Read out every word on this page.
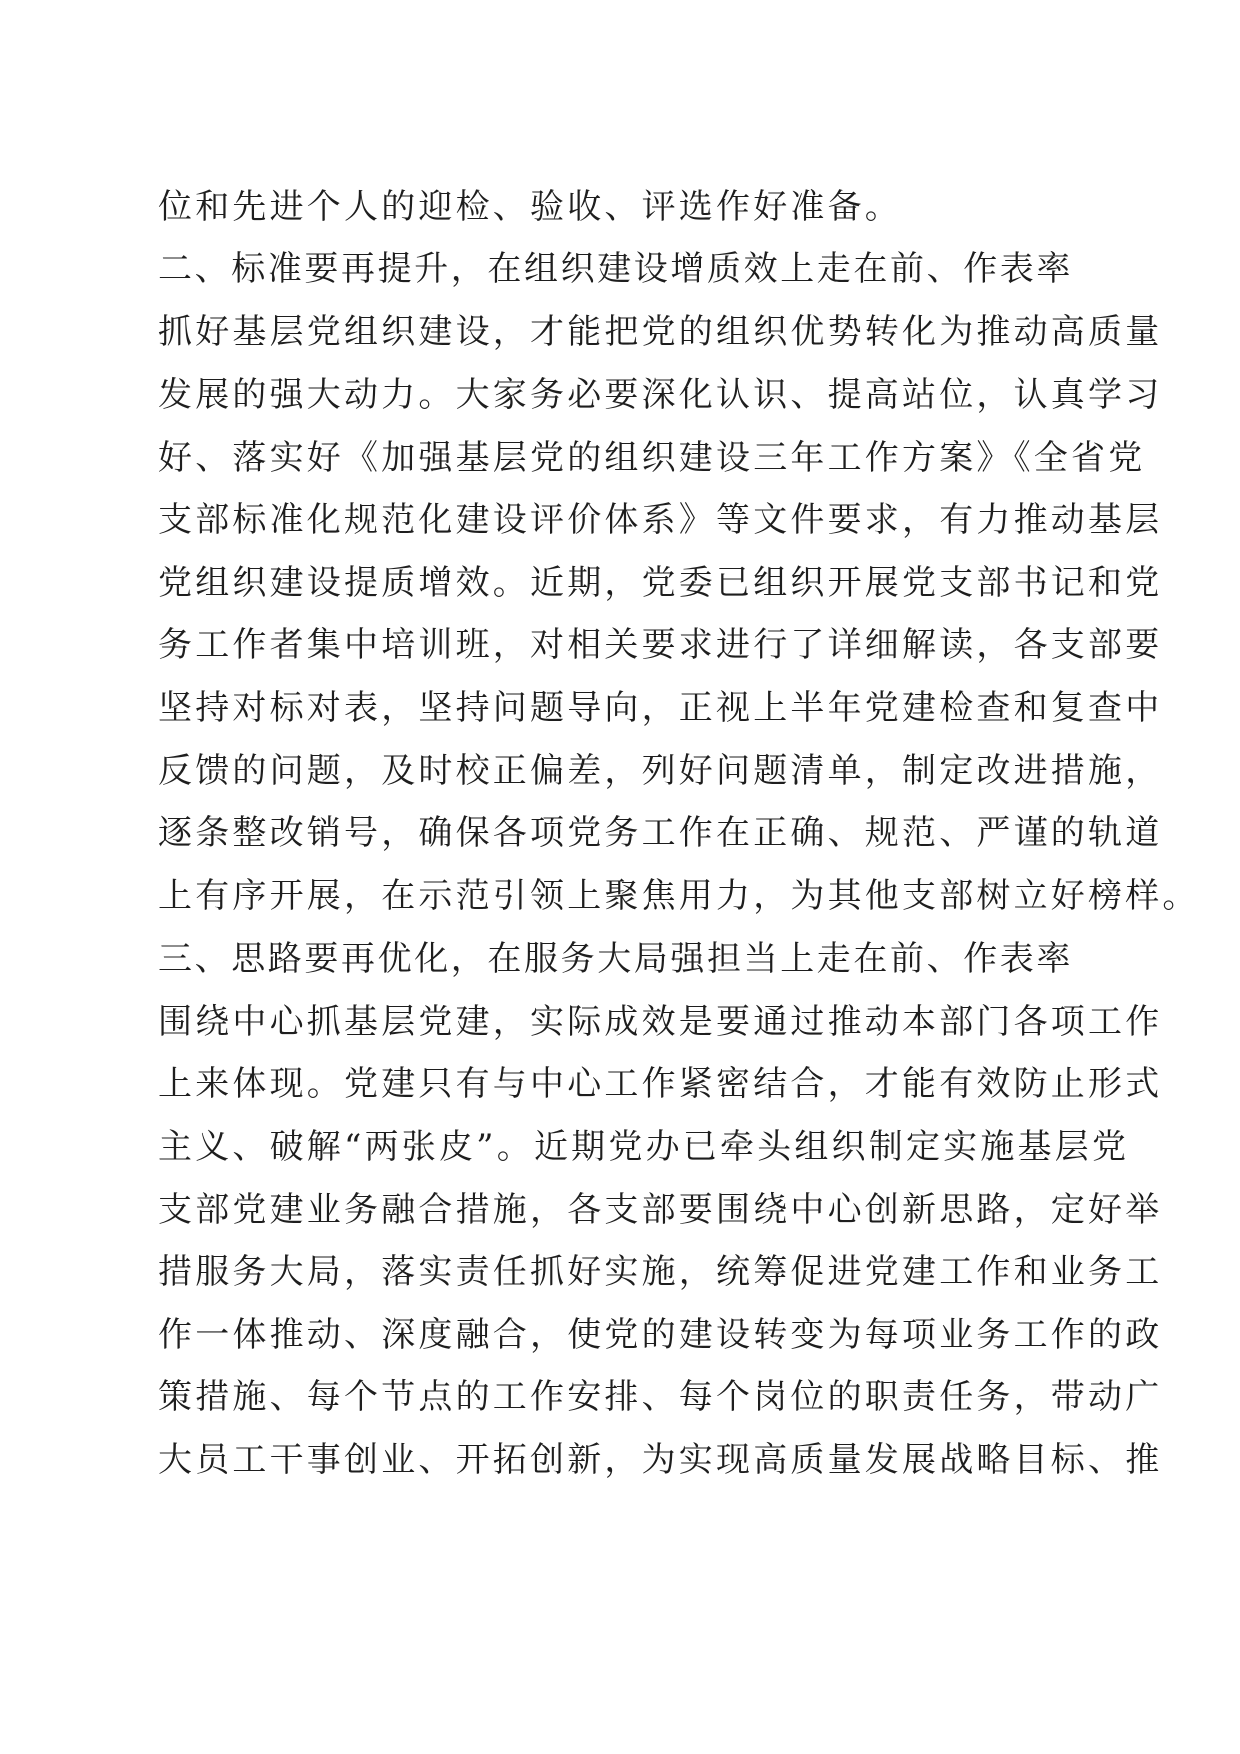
位和先进个人的迎检、验收、评选作好准备。
二、标准要再提升，在组织建设增质效上走在前、作表率
抓好基层党组织建设，才能把党的组织优势转化为推动高质量
发展的强大动力。大家务必要深化认识、提高站位，认真学习
好、落实好《加强基层党的组织建设三年工作方案》《全省党
支部标准化规范化建设评价体系》等文件要求，有力推动基层
党组织建设提质增效。近期，党委已组织开展党支部书记和党
务工作者集中培训班，对相关要求进行了详细解读，各支部要
坚持对标对表，坚持问题导向，正视上半年党建检查和复查中
反馈的问题，及时校正偏差，列好问题清单，制定改进措施，
逐条整改销号，确保各项党务工作在正确、规范、严谨的轨道
上有序开展，在示范引领上聚焦用力，为其他支部树立好榜样。
三、思路要再优化，在服务大局强担当上走在前、作表率
围绕中心抓基层党建，实际成效是要通过推动本部门各项工作
上来体现。党建只有与中心工作紧密结合，才能有效防止形式
主义、破解“两张皮”。近期党办已牵头组织制定实施基层党
支部党建业务融合措施，各支部要围绕中心创新思路，定好举
措服务大局，落实责任抓好实施，统筹促进党建工作和业务工
作一体推动、深度融合，使党的建设转变为每项业务工作的政
策措施、每个节点的工作安排、每个岗位的职责任务，带动广
大员工干事创业、开拓创新，为实现高质量发展战略目标、推
